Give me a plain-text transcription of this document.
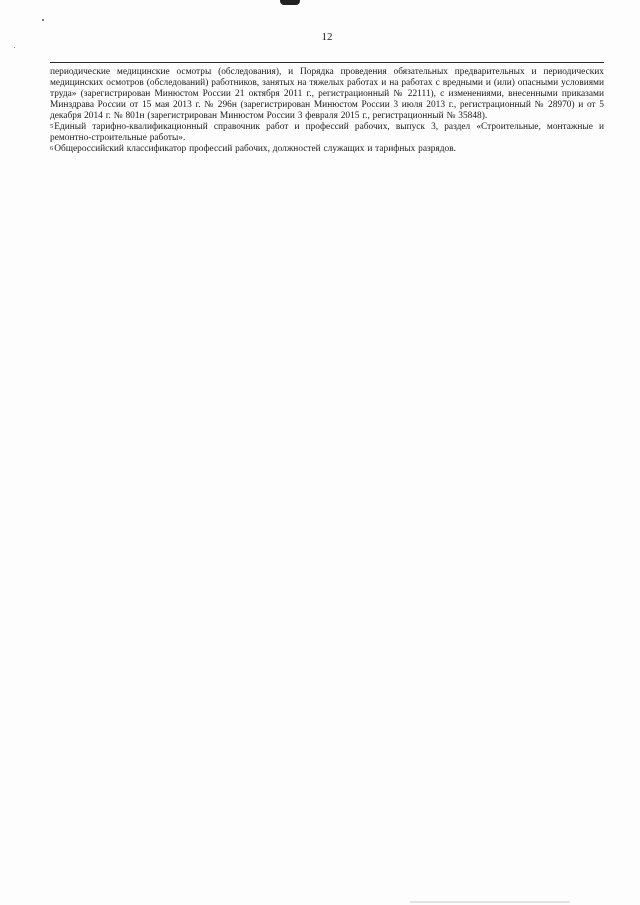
12

периодические медицинские осмотры (обследования), и Порядка проведения обязательных предварительных и периодических медицинских осмотров (обследований) работников, занятых на тяжелых работах и на работах с вредными и (или) опасными условиями труда» (зарегистрирован Минюстом России 21 октября 2011 г., регистрационный № 22111), с изменениями, внесенными приказами Минздрава России от 15 мая 2013 г. № 296н (зарегистрирован Минюстом России 3 июля 2013 г., регистрационный № 28970) и от 5 декабря 2014 г. № 801н (зарегистрирован Минюстом России 3 февраля 2015 г., регистрационный № 35848).

$^5$Единый тарифно-квалификационный справочник работ и профессий рабочих, выпуск 3, раздел «Строительные, монтажные и ремонтно-строительные работы».

$^6$Общероссийский классификатор профессий рабочих, должностей служащих и тарифных разрядов.
